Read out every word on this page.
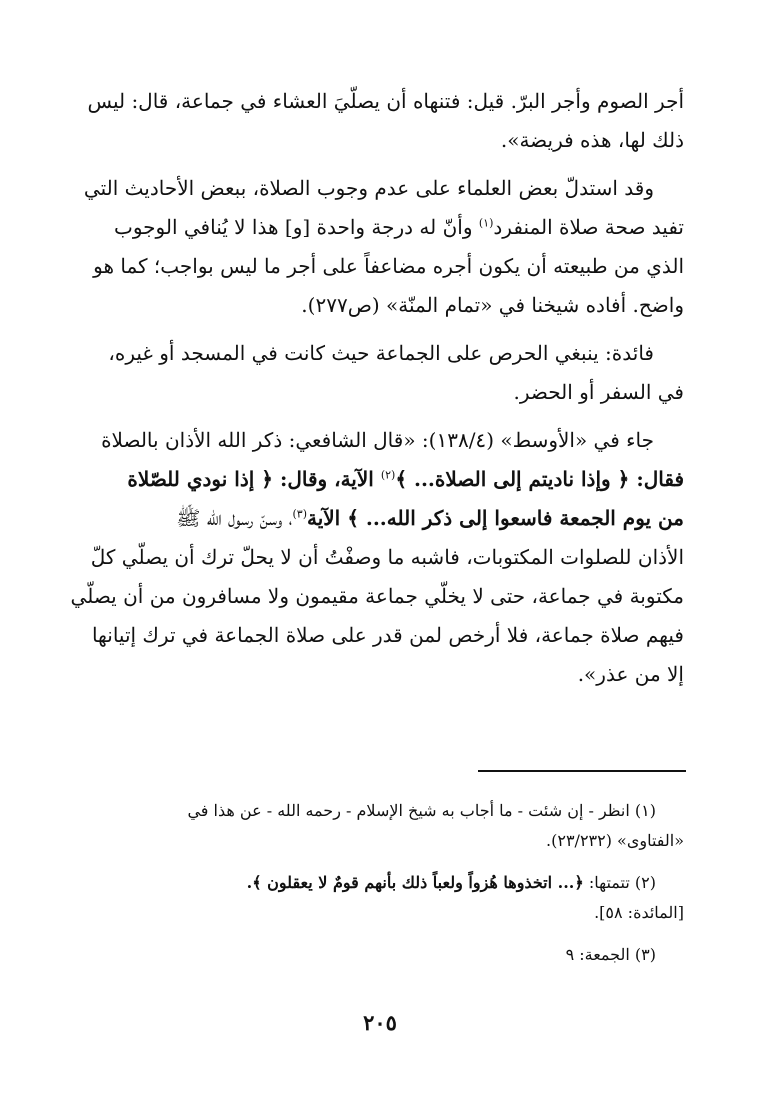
أجر الصوم وأجر البرّ. قيل: فتنهاه أن يصلّيَ العشاء في جماعة، قال: ليس
ذلك لها، هذه فريضة».

وقد استدلّ بعض العلماء على عدم وجوب الصلاة، ببعض الأحاديث التي
تفيد صحة صلاة المنفرد$^{(١)}$ وأنّ له درجة واحدة [و] هذا لا يُنافي الوجوب
الذي من طبيعته أن يكون أجره مضاعفاً على أجر ما ليس بواجب؛ كما هو
واضح. أفاده شيخنا في «تمام المنّة» (ص٢٧٧).

فائدة: ينبغي الحرص على الجماعة حيث كانت في المسجد أو غيره،
في السفر أو الحضر.

جاء في «الأوسط» (١٣٨/٤): «قال الشافعي: ذكر الله الأذان بالصلاة
فقال: ﴿ وإذا ناديتم إلى الصلاة... ﴾$^{(٢)}$ الآية، وقال: ﴿ إذا نودي للصّلاة
من يوم الجمعة فاسعوا إلى ذكر الله... ﴾ الآية$^{(٣)}$، وسنّ رسول الله ﷺ
الأذان للصلوات المكتوبات، فاشبه ما وصفْتُ أن لا يحلّ ترك أن يصلّي كلّ
مكتوبة في جماعة، حتى لا يخلّي جماعة مقيمون ولا مسافرون من أن يصلّي
فيهم صلاة جماعة، فلا أرخص لمن قدر على صلاة الجماعة في ترك إتيانها
إلا من عذر».

(١) انظر - إن شئت - ما أجاب به شيخ الإسلام - رحمه الله - عن هذا في
«الفتاوى» (٢٣/٢٣٢).
(٢) تتمتها: ﴿... اتخذوها هُزواً ولعباً ذلك بأنهم قومٌ لا يعقلون ﴾.
[المائدة: ٥٨].
(٣) الجمعة: ٩
٢٠٥
